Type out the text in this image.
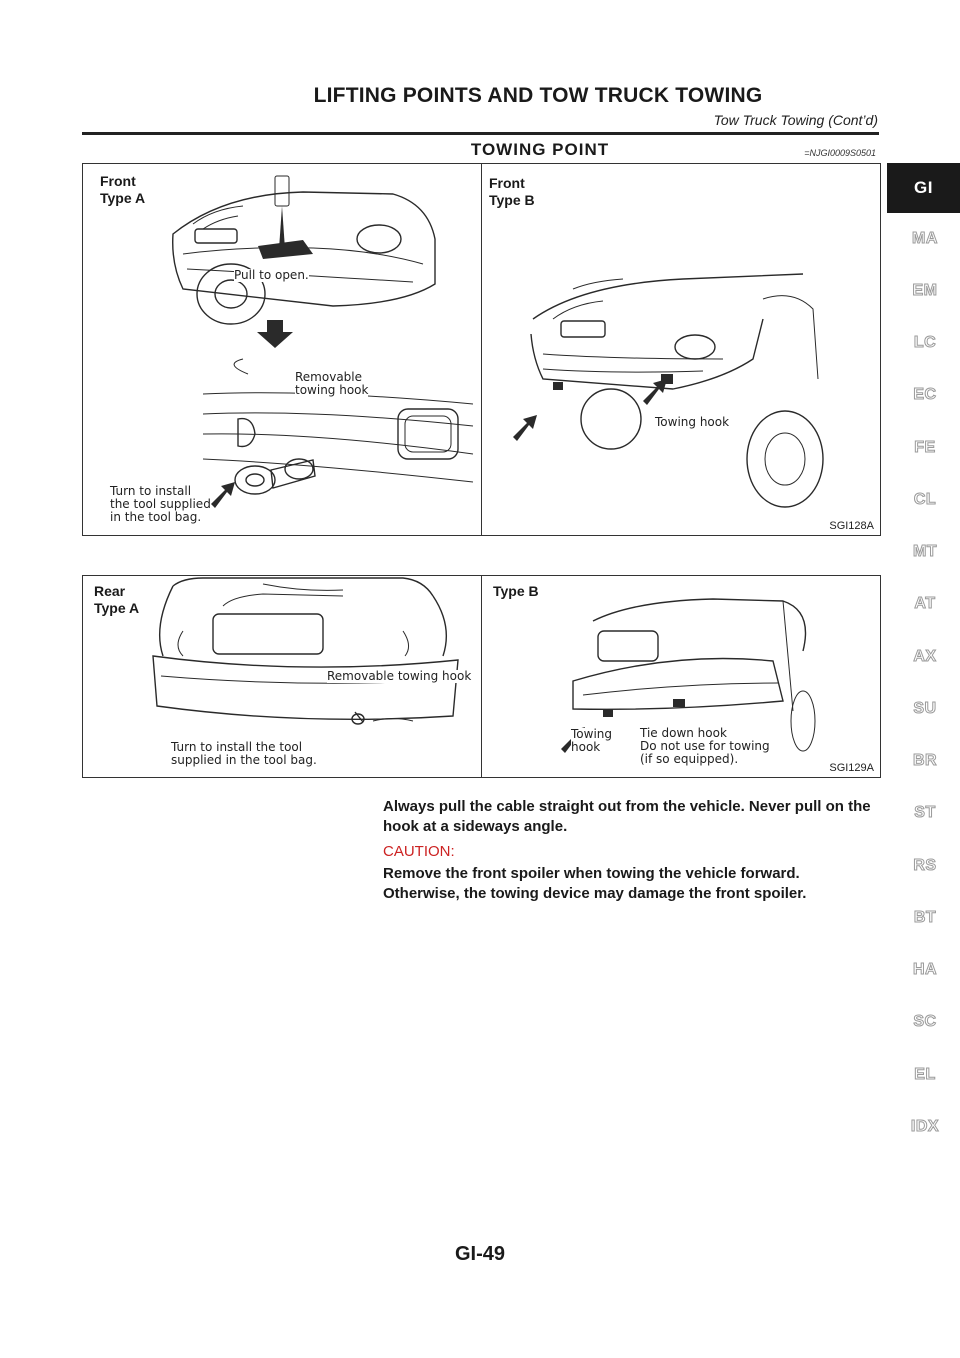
LIFTING POINTS AND TOW TRUCK TOWING
Tow Truck Towing (Cont’d)
TOWING POINT	=NJGI0009S0501
Front
Type A
Front
Type B
Pull to open.
Removable
towing hook
Turn to install
the tool supplied
in the tool bag.
Towing hook
SGI128A
Rear
Type A
Type B
Removable towing hook
Turn to install the tool
supplied in the tool bag.
Towing
hook
Tie down hook
Do not use for towing
(if so equipped).
SGI129A
Always pull the cable straight out from the vehicle. Never pull on the hook at a sideways angle.
CAUTION:
Remove the front spoiler when towing the vehicle forward. Otherwise, the towing device may damage the front spoiler.
GI-49
GI
MA
EM
LC
EC
FE
CL
MT
AT
AX
SU
BR
ST
RS
BT
HA
SC
EL
IDX
